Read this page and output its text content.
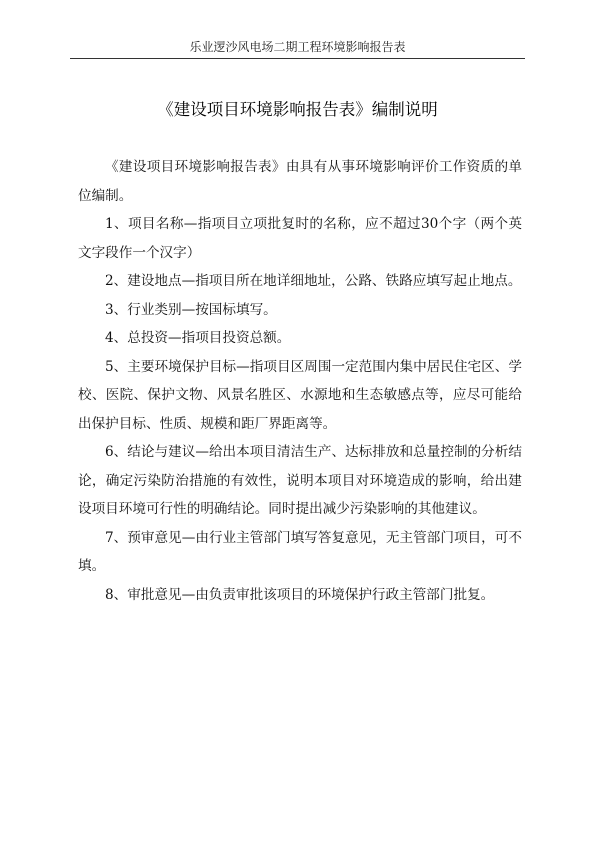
乐业逻沙风电场二期工程环境影响报告表
《建设项目环境影响报告表》编制说明

《建设项目环境影响报告表》由具有从事环境影响评价工作资质的单位编制。

1、项目名称—指项目立项批复时的名称，应不超过30个字（两个英文字段作一个汉字）

2、建设地点—指项目所在地详细地址，公路、铁路应填写起止地点。

3、行业类别—按国标填写。

4、总投资—指项目投资总额。

5、主要环境保护目标—指项目区周围一定范围内集中居民住宅区、学校、医院、保护文物、风景名胜区、水源地和生态敏感点等，应尽可能给出保护目标、性质、规模和距厂界距离等。

6、结论与建议—给出本项目清洁生产、达标排放和总量控制的分析结论，确定污染防治措施的有效性，说明本项目对环境造成的影响，给出建设项目环境可行性的明确结论。同时提出减少污染影响的其他建议。

7、预审意见—由行业主管部门填写答复意见，无主管部门项目，可不填。

8、审批意见—由负责审批该项目的环境保护行政主管部门批复。
